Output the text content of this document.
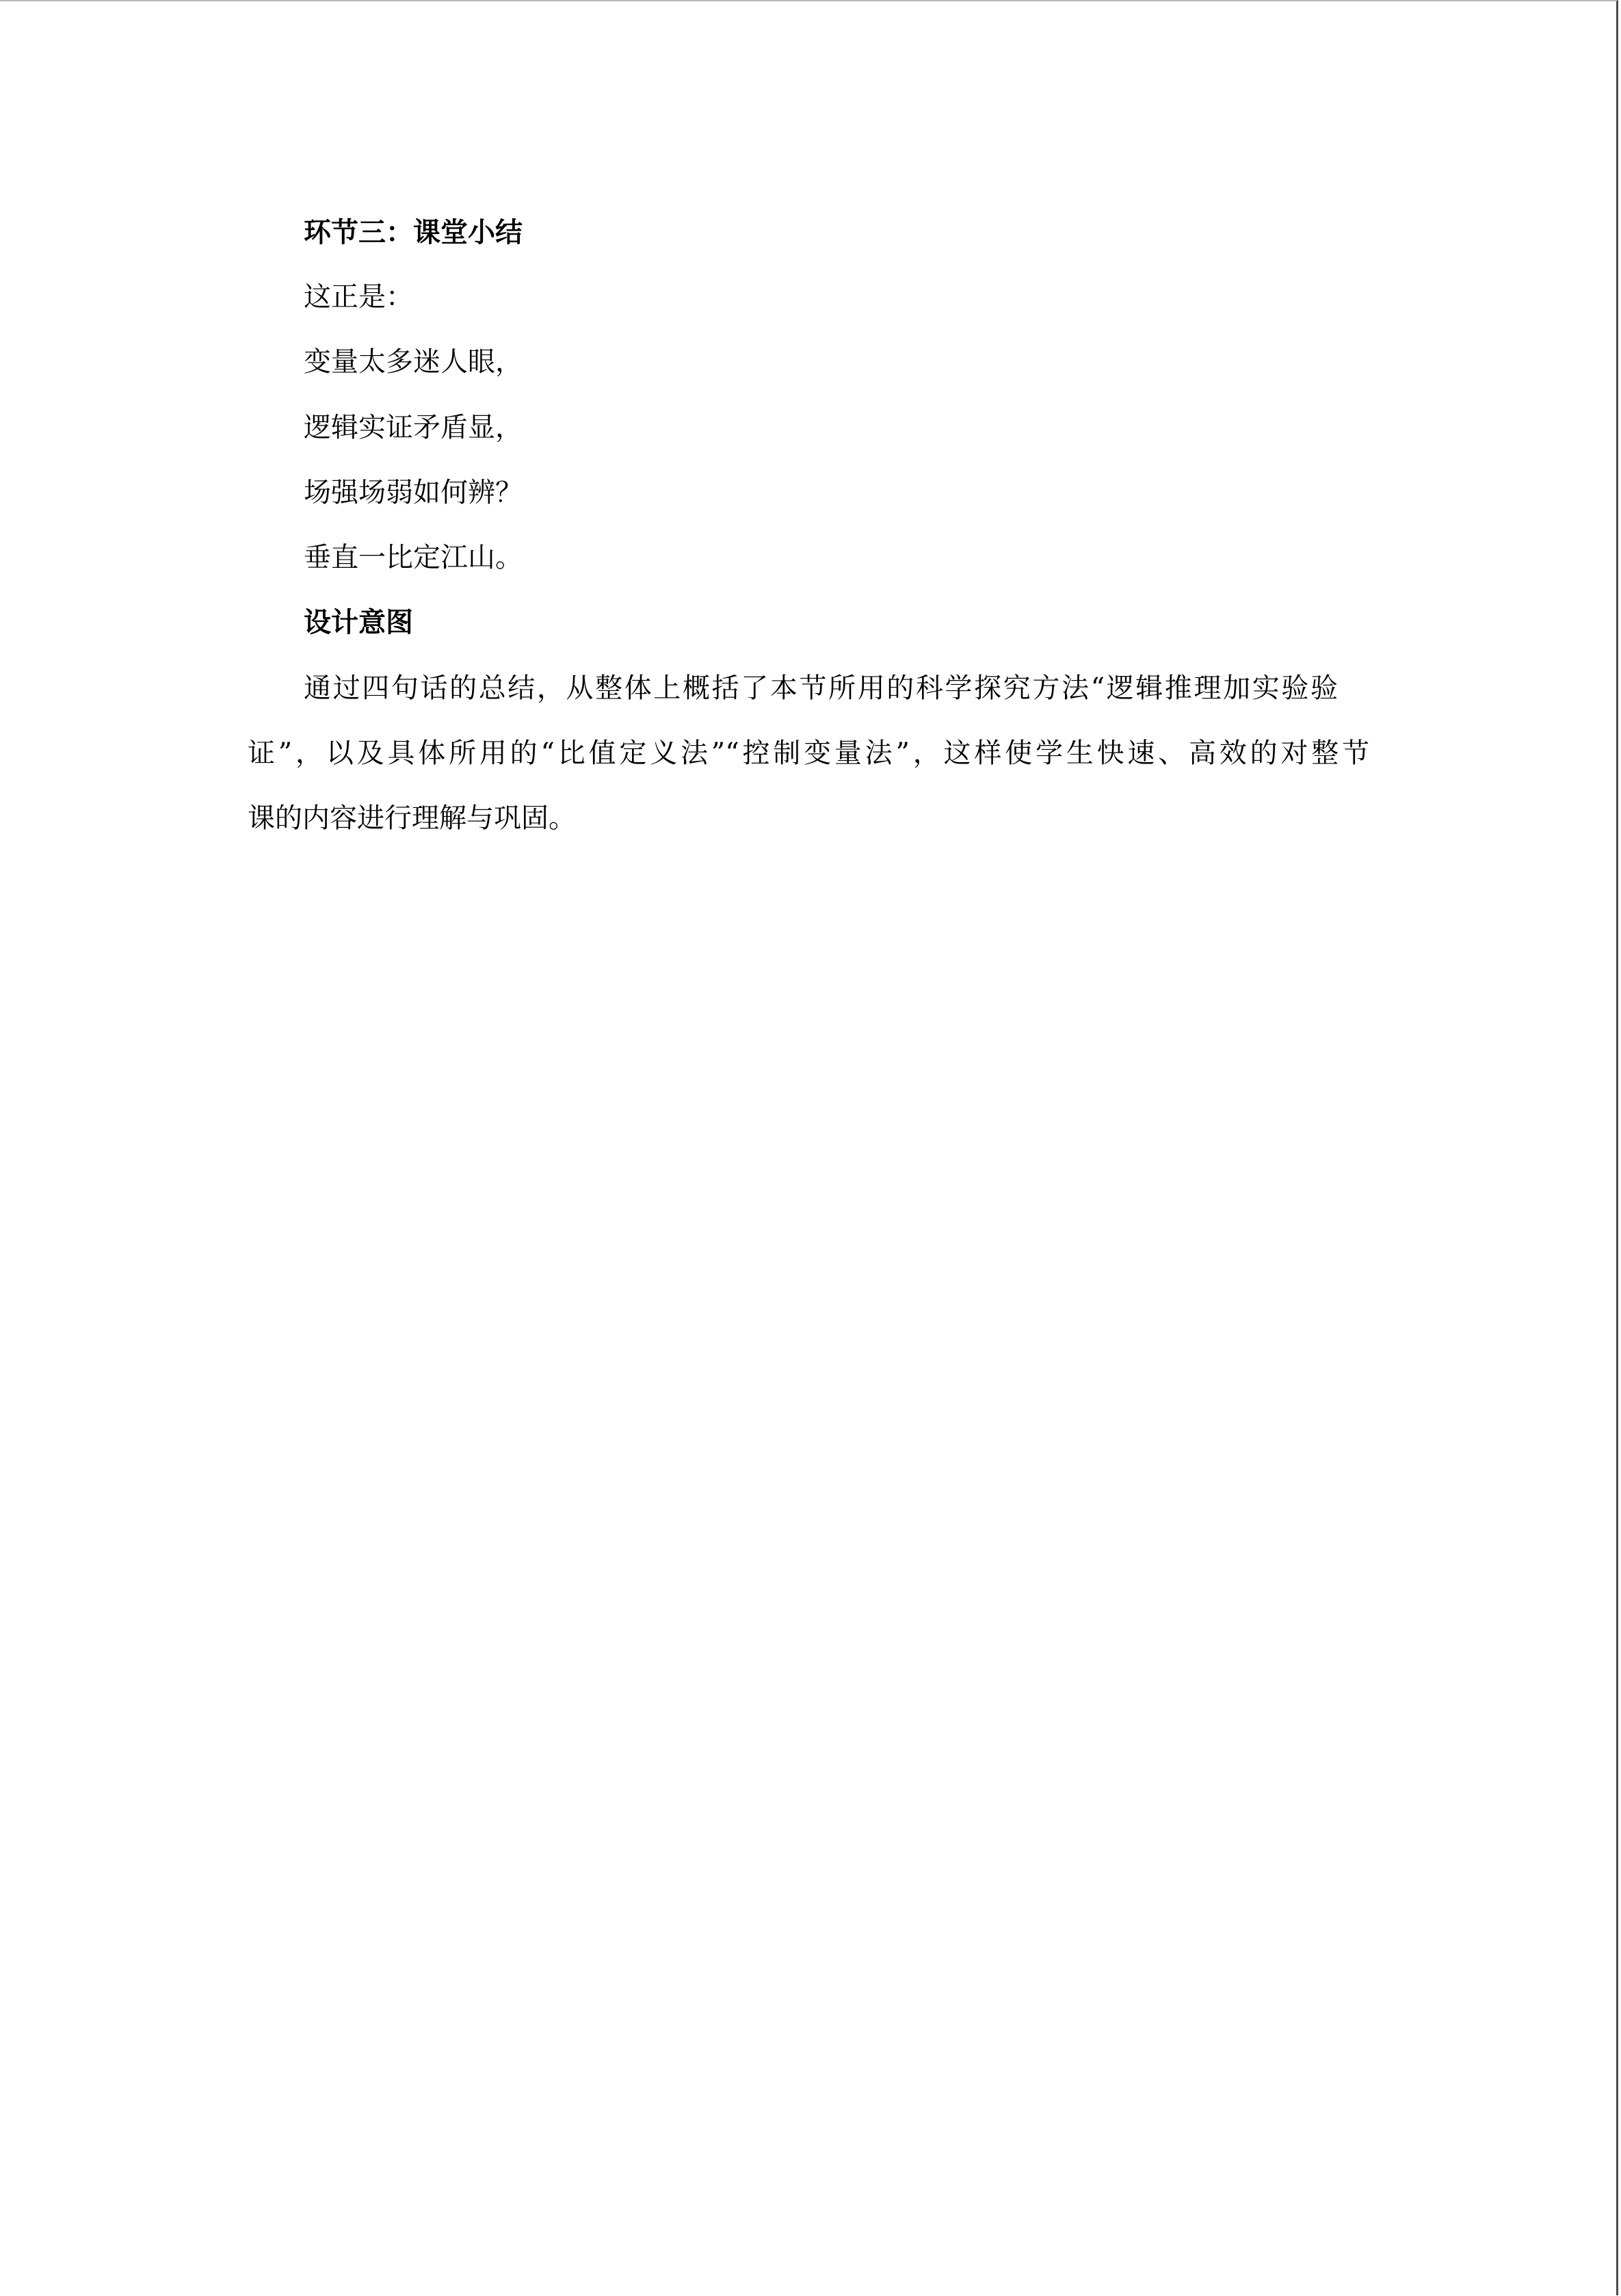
环节三：课堂小结
这正是：
变量太多迷人眼，
逻辑实证矛盾显，
场强场弱如何辨？
垂直一比定江山。
设计意图
通过四句话的总结，从整体上概括了本节所用的科学探究方法“逻辑推理加实验验
证”，以及具体所用的“比值定义法”“控制变量法”，这样使学生快速、高效的对整节
课的内容进行理解与巩固。
